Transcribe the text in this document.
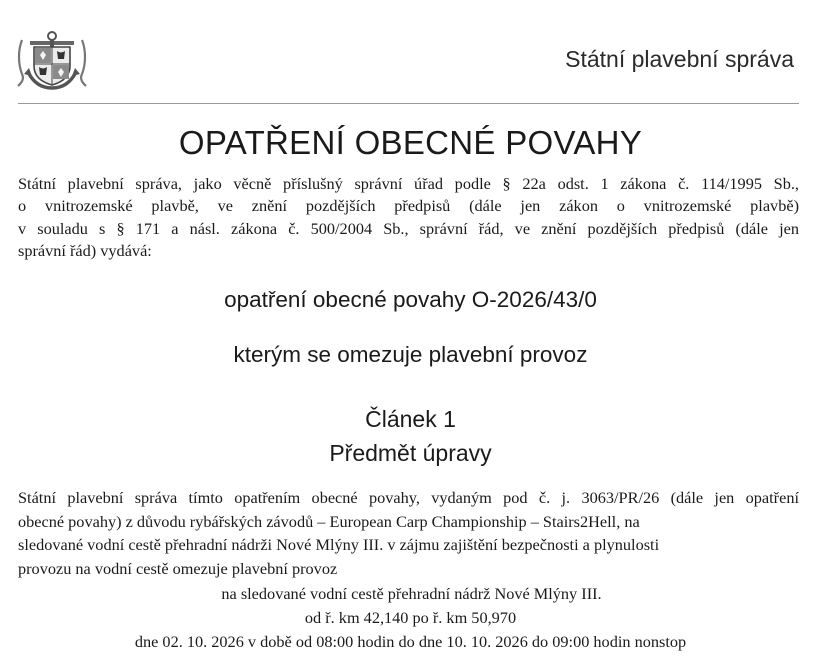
Státní plavební správa
OPATŘENÍ OBECNÉ POVAHY
Státní plavební správa, jako věcně příslušný správní úřad podle § 22a odst. 1 zákona č. 114/1995 Sb.,
o vnitrozemské plavbě, ve znění pozdějších předpisů (dále jen zákon o vnitrozemské plavbě)
v souladu s § 171 a násl. zákona č. 500/2004 Sb., správní řád, ve znění pozdějších předpisů (dále jen
správní řád) vydává:
opatření obecné povahy O-2026/43/0
kterým se omezuje plavební provoz
Článek 1
Předmět úpravy
Státní plavební správa tímto opatřením obecné povahy, vydaným pod č. j. 3063/PR/26 (dále jen opatření
obecné povahy) z důvodu rybářských závodů – European Carp Championship – Stairs2Hell, na
sledované vodní cestě přehradní nádrži Nové Mlýny III. v zájmu zajištění bezpečnosti a plynulosti
provozu na vodní cestě omezuje plavební provoz
na sledované vodní cestě přehradní nádrž Nové Mlýny III.
od ř. km 42,140 po ř. km 50,970
dne 02. 10. 2026 v době od 08:00 hodin do dne 10. 10. 2026 do 09:00 hodin nonstop
